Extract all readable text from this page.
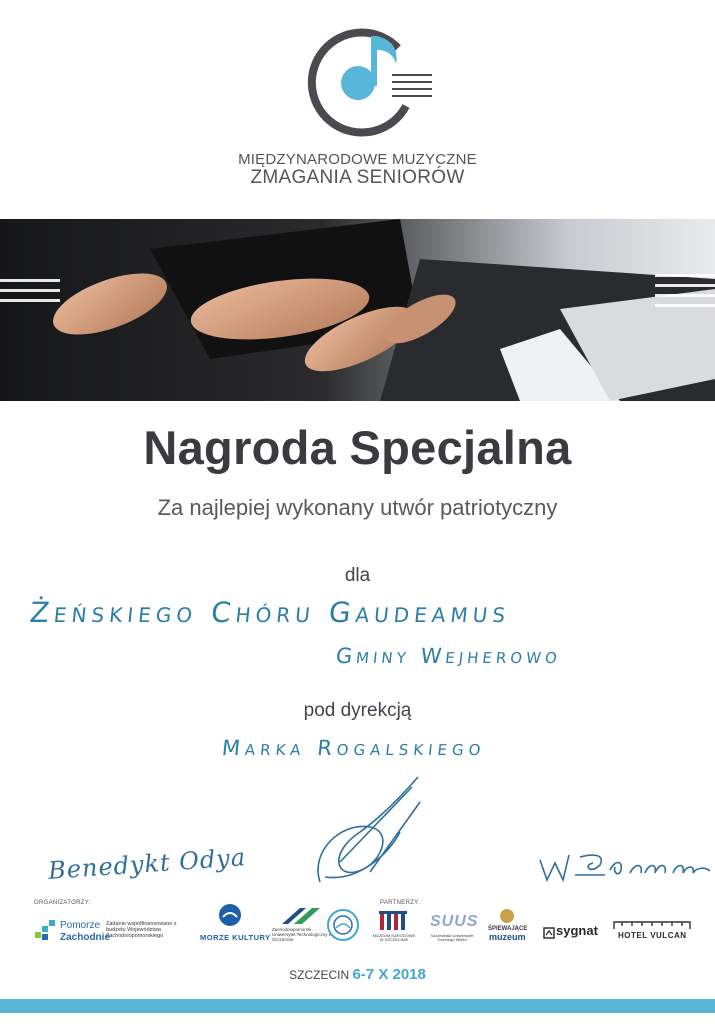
MIĘDZYNARODOWE MUZYCZNE
ZMAGANIA SENIORÓW
Nagroda Specjalna
Za najlepiej wykonany utwór patriotyczny
dla
Żeńskiego Chóru Gaudeamus
Gminy Wejherowo
pod dyrekcją
Marka Rogalskiego
Benedykt Odya
ORGANIZATORZY:	PARTNERZY:
Pomorze
Zachodnie
Zadanie współfinansowane z budżetu Województwa Zachodniopomorskiego	MORZE KULTURY
Zachodniopomorski Uniwersytet Technologiczny w Szczecinie
MUZEUM NARODOWE W SZCZECINIE
SUUS
Szczeciński Uniwersytet Trzeciego Wieku
ŚPIEWAJĄCE
muzeum sygnat	HOTEL VULCAN
SZCZECIN 6-7 X 2018
